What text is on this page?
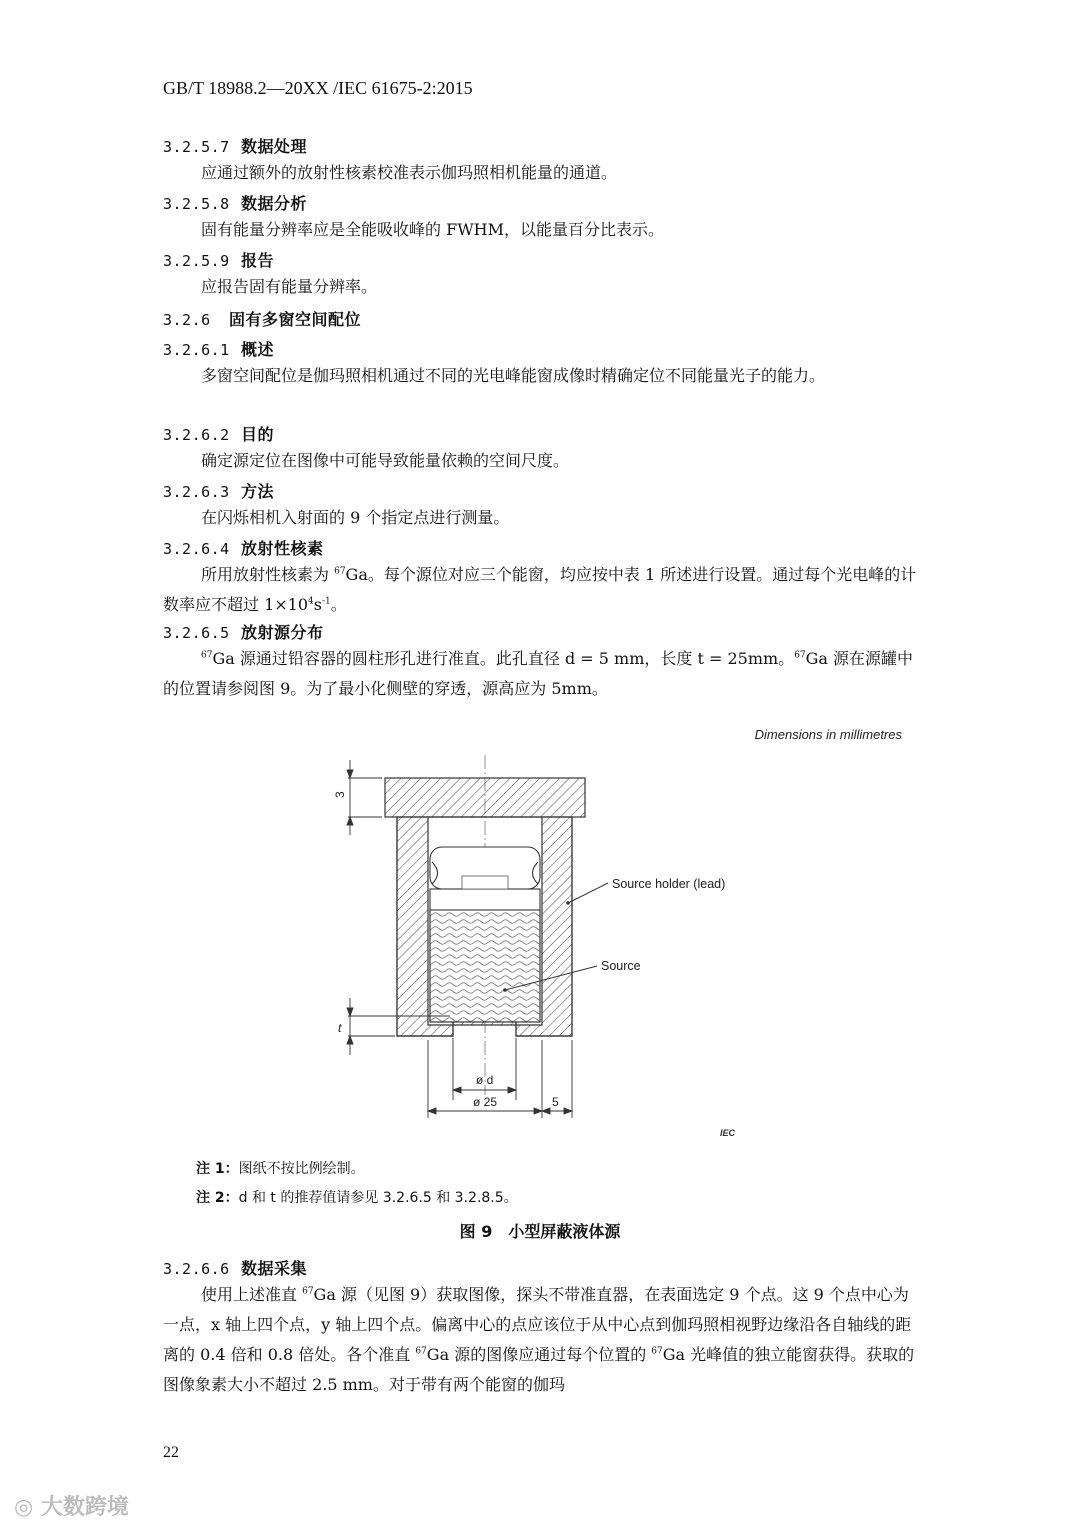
GB/T 18988.2—20XX /IEC 61675-2:2015
3.2.5.7 数据处理
应通过额外的放射性核素校准表示伽玛照相机能量的通道。
3.2.5.8 数据分析
固有能量分辨率应是全能吸收峰的 FWHM，以能量百分比表示。
3.2.5.9 报告
应报告固有能量分辨率。
3.2.6 固有多窗空间配位
3.2.6.1 概述
多窗空间配位是伽玛照相机通过不同的光电峰能窗成像时精确定位不同能量光子的能力。
3.2.6.2 目的
确定源定位在图像中可能导致能量依赖的空间尺度。
3.2.6.3 方法
在闪烁相机入射面的 9 个指定点进行测量。
3.2.6.4 放射性核素
所用放射性核素为 $^{67}$Ga。每个源位对应三个能窗，均应按中表 1 所述进行设置。通过每个光电峰的计数率应不超过 $1\times 10^4s^{-1}$。
3.2.6.5 放射源分布
$^{67}$Ga 源通过铅容器的圆柱形孔进行准直。此孔直径 d = 5 mm，长度 t = 25mm。$^{67}$Ga 源在源罐中的位置请参阅图 9。为了最小化侧壁的穿透，源高应为 5mm。
Dimensions in millimetres
Source holder (lead)
Source
3
t
ø d
ø 25	5
IEC
注 1：图纸不按比例绘制。
注 2：d 和 t 的推荐值请参见 3.2.6.5 和 3.2.8.5。
图 9　小型屏蔽液体源
3.2.6.6 数据采集
使用上述准直 $^{67}$Ga 源（见图 9）获取图像，探头不带准直器，在表面选定 9 个点。这 9 个点中心为一点，x 轴上四个点，y 轴上四个点。偏离中心的点应该位于从中心点到伽玛照相视野边缘沿各自轴线的距离的 0.4 倍和 0.8 倍处。各个准直 $^{67}$Ga 源的图像应通过每个位置的 $^{67}$Ga 光峰值的独立能窗获得。获取的图像象素大小不超过 2.5 mm。对于带有两个能窗的伽玛
22
◎ 大数跨境
